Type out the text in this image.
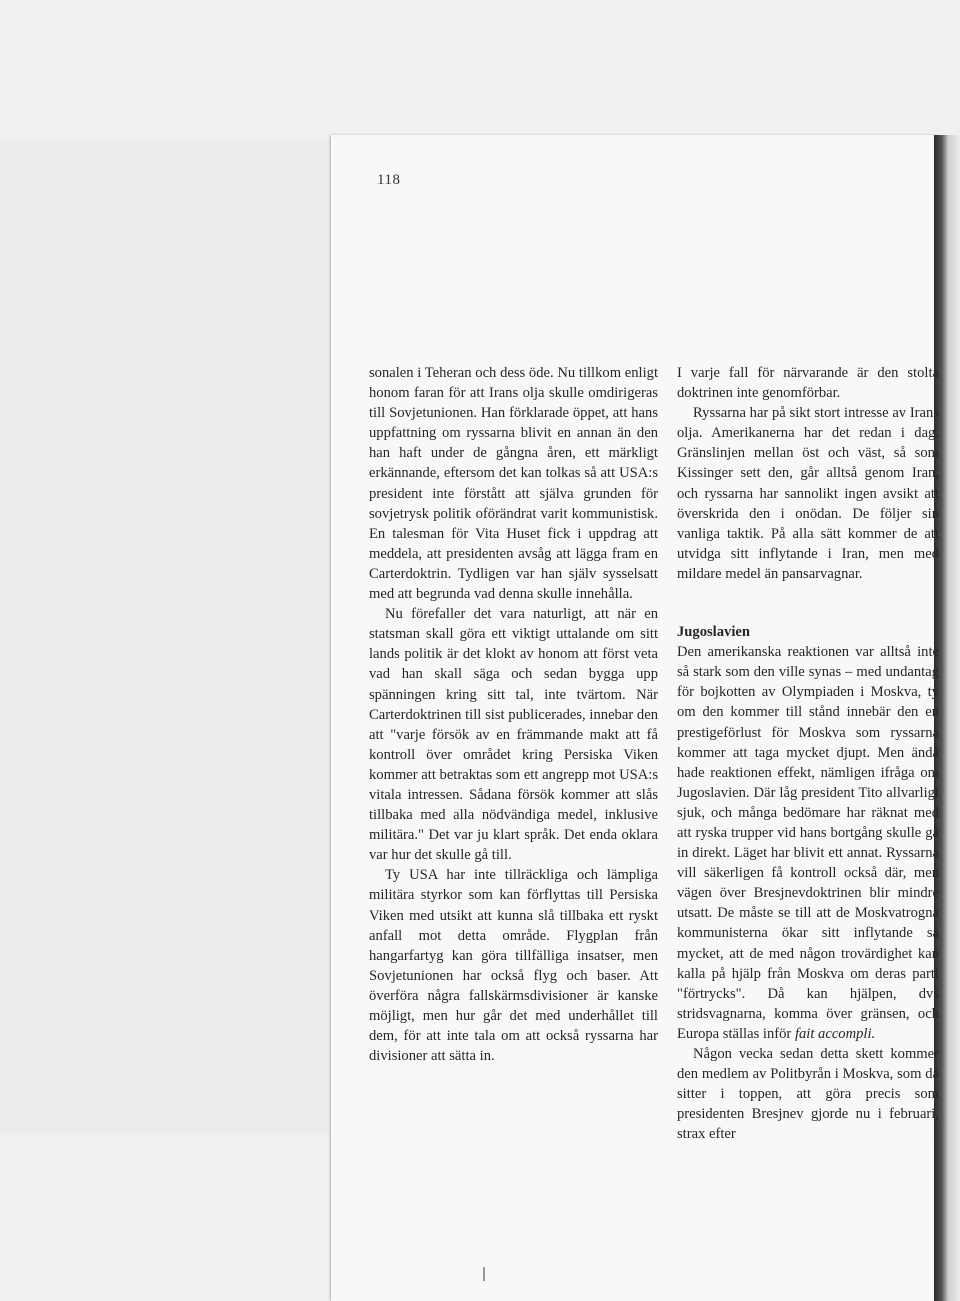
118

sonalen i Teheran och dess öde. Nu tillkom enligt honom faran för att Irans olja skulle omdirigeras till Sovjetunionen. Han förklarade öppet, att hans uppfattning om ryssarna blivit en annan än den han haft under de gångna åren, ett märkligt erkännande, eftersom det kan tolkas så att USA:s president inte förstått att själva grunden för sovjetrysk politik oförändrat varit kommunistisk. En talesman för Vita Huset fick i uppdrag att meddela, att presidenten avsåg att lägga fram en Carterdoktrin. Tydligen var han själv sysselsatt med att begrunda vad denna skulle innehålla.

Nu förefaller det vara naturligt, att när en statsman skall göra ett viktigt uttalande om sitt lands politik är det klokt av honom att först veta vad han skall säga och sedan bygga upp spänningen kring sitt tal, inte tvärtom. När Carterdoktrinen till sist publicerades, innebar den att "varje försök av en främmande makt att få kontroll över området kring Persiska Viken kommer att betraktas som ett angrepp mot USA:s vitala intressen. Sådana försök kommer att slås tillbaka med alla nödvändiga medel, inklusive militära." Det var ju klart språk. Det enda oklara var hur det skulle gå till.

Ty USA har inte tillräckliga och lämpliga militära styrkor som kan förflyttas till Persiska Viken med utsikt att kunna slå tillbaka ett ryskt anfall mot detta område. Flygplan från hangarfartyg kan göra tillfälliga insatser, men Sovjetunionen har också flyg och baser. Att överföra några fallskärmsdivisioner är kanske möjligt, men hur går det med underhållet till dem, för att inte tala om att också ryssarna har divisioner att sätta in.

I varje fall för närvarande är den stolta doktrinen inte genomförbar.

Ryssarna har på sikt stort intresse av Irans olja. Amerikanerna har det redan i dag. Gränslinjen mellan öst och väst, så som Kissinger sett den, går alltså genom Iran, och ryssarna har sannolikt ingen avsikt att överskrida den i onödan. De följer sin vanliga taktik. På alla sätt kommer de att utvidga sitt inflytande i Iran, men med mildare medel än pansarvagnar.

Jugoslavien

Den amerikanska reaktionen var alltså inte så stark som den ville synas – med undantag för bojkotten av Olympiaden i Moskva, ty om den kommer till stånd innebär den en prestigeförlust för Moskva som ryssarna kommer att taga mycket djupt. Men ändå hade reaktionen effekt, nämligen ifråga om Jugoslavien. Där låg president Tito allvarligt sjuk, och många bedömare har räknat med att ryska trupper vid hans bortgång skulle gå in direkt. Läget har blivit ett annat. Ryssarna vill säkerligen få kontroll också där, men vägen över Bresjnevdoktrinen blir mindre utsatt. De måste se till att de Moskvatrogna kommunisterna ökar sitt inflytande så mycket, att de med någon trovärdighet kan kalla på hjälp från Moskva om deras parti "förtrycks". Då kan hjälpen, dvs stridsvagnarna, komma över gränsen, och Europa ställas inför fait accompli.

Någon vecka sedan detta skett kommer den medlem av Politbyrån i Moskva, som då sitter i toppen, att göra precis som presidenten Bresjnev gjorde nu i februari, strax efter
